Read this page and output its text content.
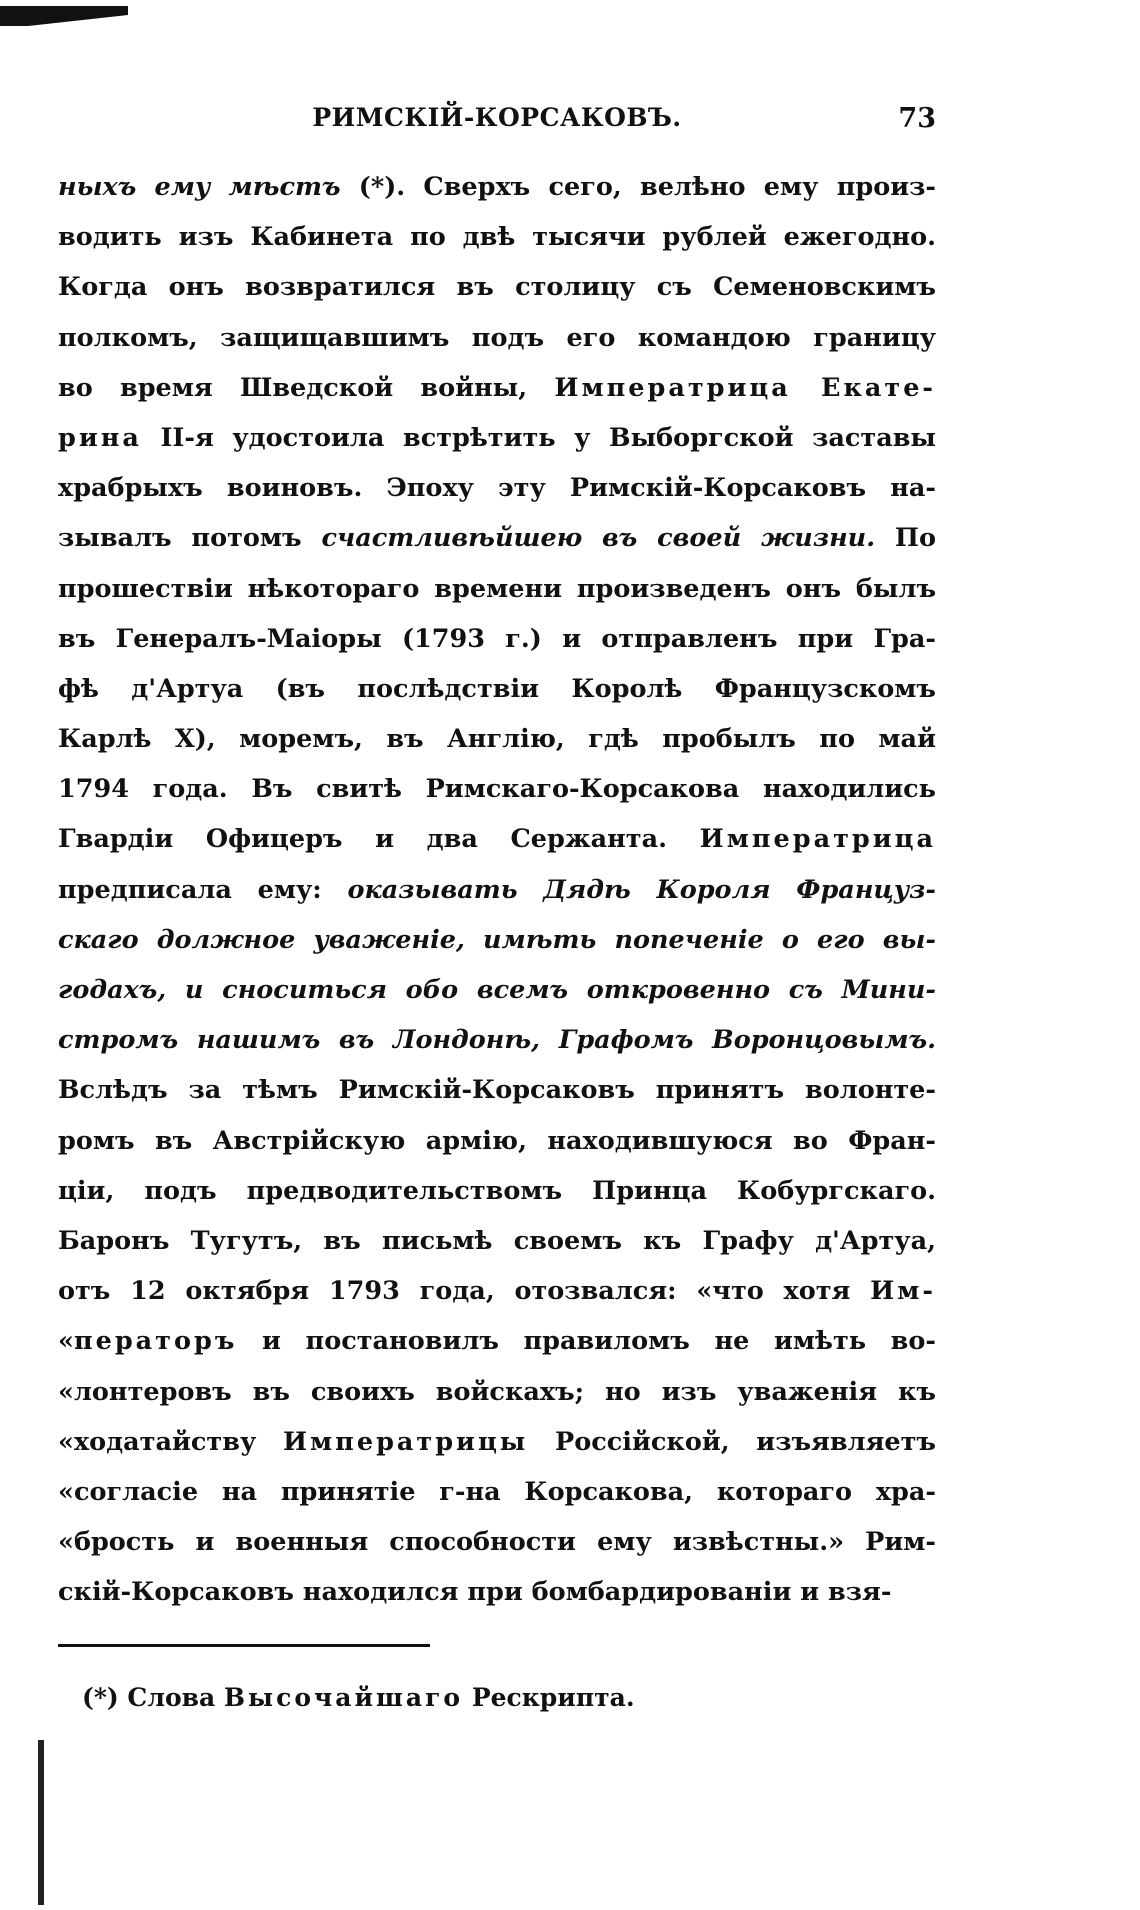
РИМСКІЙ-КОРСАКОВЪ.	73
ныхъ ему мѣстъ (*). Сверхъ сего, велѣно ему произ-
водить изъ Кабинета по двѣ тысячи рублей ежегодно.
Когда онъ возвратился въ столицу съ Семеновскимъ
полкомъ, защищавшимъ подъ его командою границу
во время Шведской войны, Императрица Екате-
рина II-я удостоила встрѣтить у Выборгской заставы
храбрыхъ воиновъ. Эпоху эту Римскій-Корсаковъ на-
зывалъ потомъ счастливѣйшею въ своей жизни. По
прошествіи нѣкотораго времени произведенъ онъ былъ
въ Генералъ-Маіоры (1793 г.) и отправленъ при Гра-
фѣ д'Артуа (въ послѣдствіи Королѣ Французскомъ
Карлѣ X), моремъ, въ Англію, гдѣ пробылъ по май
1794 года. Въ свитѣ Римскаго-Корсакова находились
Гвардіи Офицеръ и два Сержанта. Императрица
предписала ему: оказывать Дядѣ Короля Француз-
скаго должное уваженіе, имѣть попеченіе о его вы-
годахъ, и сноситься обо всемъ откровенно съ Мини-
стромъ нашимъ въ Лондонѣ, Графомъ Воронцовымъ.
Вслѣдъ за тѣмъ Римскій-Корсаковъ принятъ волонте-
ромъ въ Австрійскую армію, находившуюся во Фран-
ціи, подъ предводительствомъ Принца Кобургскаго.
Баронъ Тугутъ, въ письмѣ своемъ къ Графу д'Артуа,
отъ 12 октября 1793 года, отозвался: «что хотя Им-
«ператоръ и постановилъ правиломъ не имѣть во-
«лонтеровъ въ своихъ войскахъ; но изъ уваженія къ
«ходатайству Императрицы Россійской, изъявляетъ
«согласіе на принятіе г-на Корсакова, котораго хра-
«брость и военныя способности ему извѣстны.» Рим-
скій-Корсаковъ находился при бомбардированіи и взя-
(*) Слова Высочайшаго Рескрипта.
